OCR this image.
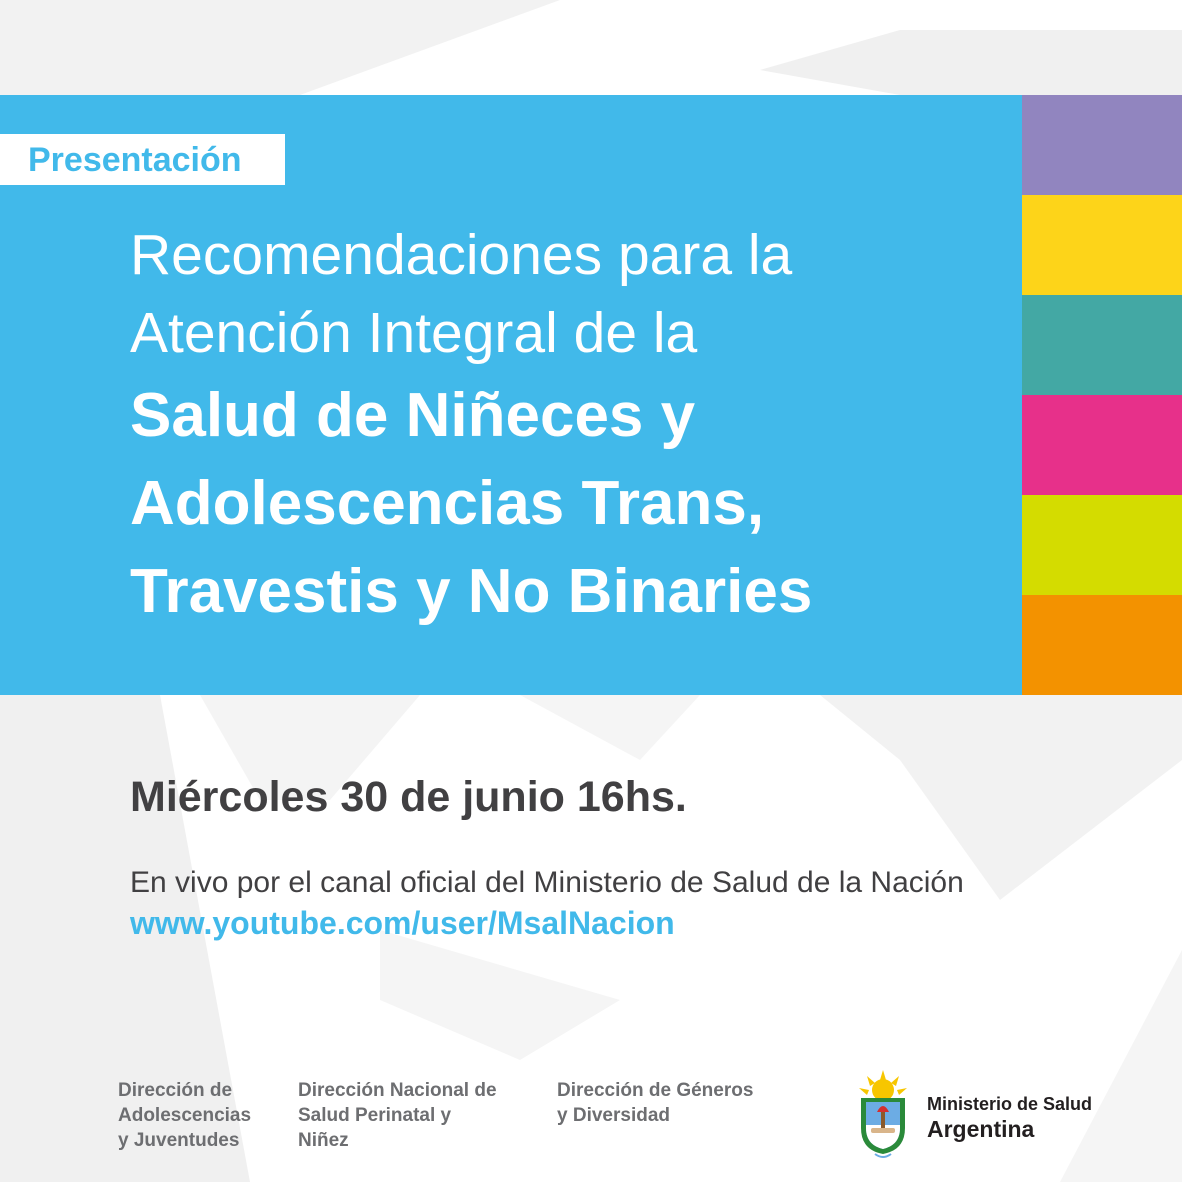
Presentación
Recomendaciones para la
Atención Integral de la
Salud de Niñeces y
Adolescencias Trans,
Travestis y No Binaries
Miércoles 30 de junio 16hs.
En vivo por el canal oficial del Ministerio de Salud de la Nación
www.youtube.com/user/MsalNacion
Dirección de
Adolescencias
y Juventudes
Dirección Nacional de
Salud Perinatal y
Niñez
Dirección de Géneros
y Diversidad
Ministerio de Salud
Argentina
